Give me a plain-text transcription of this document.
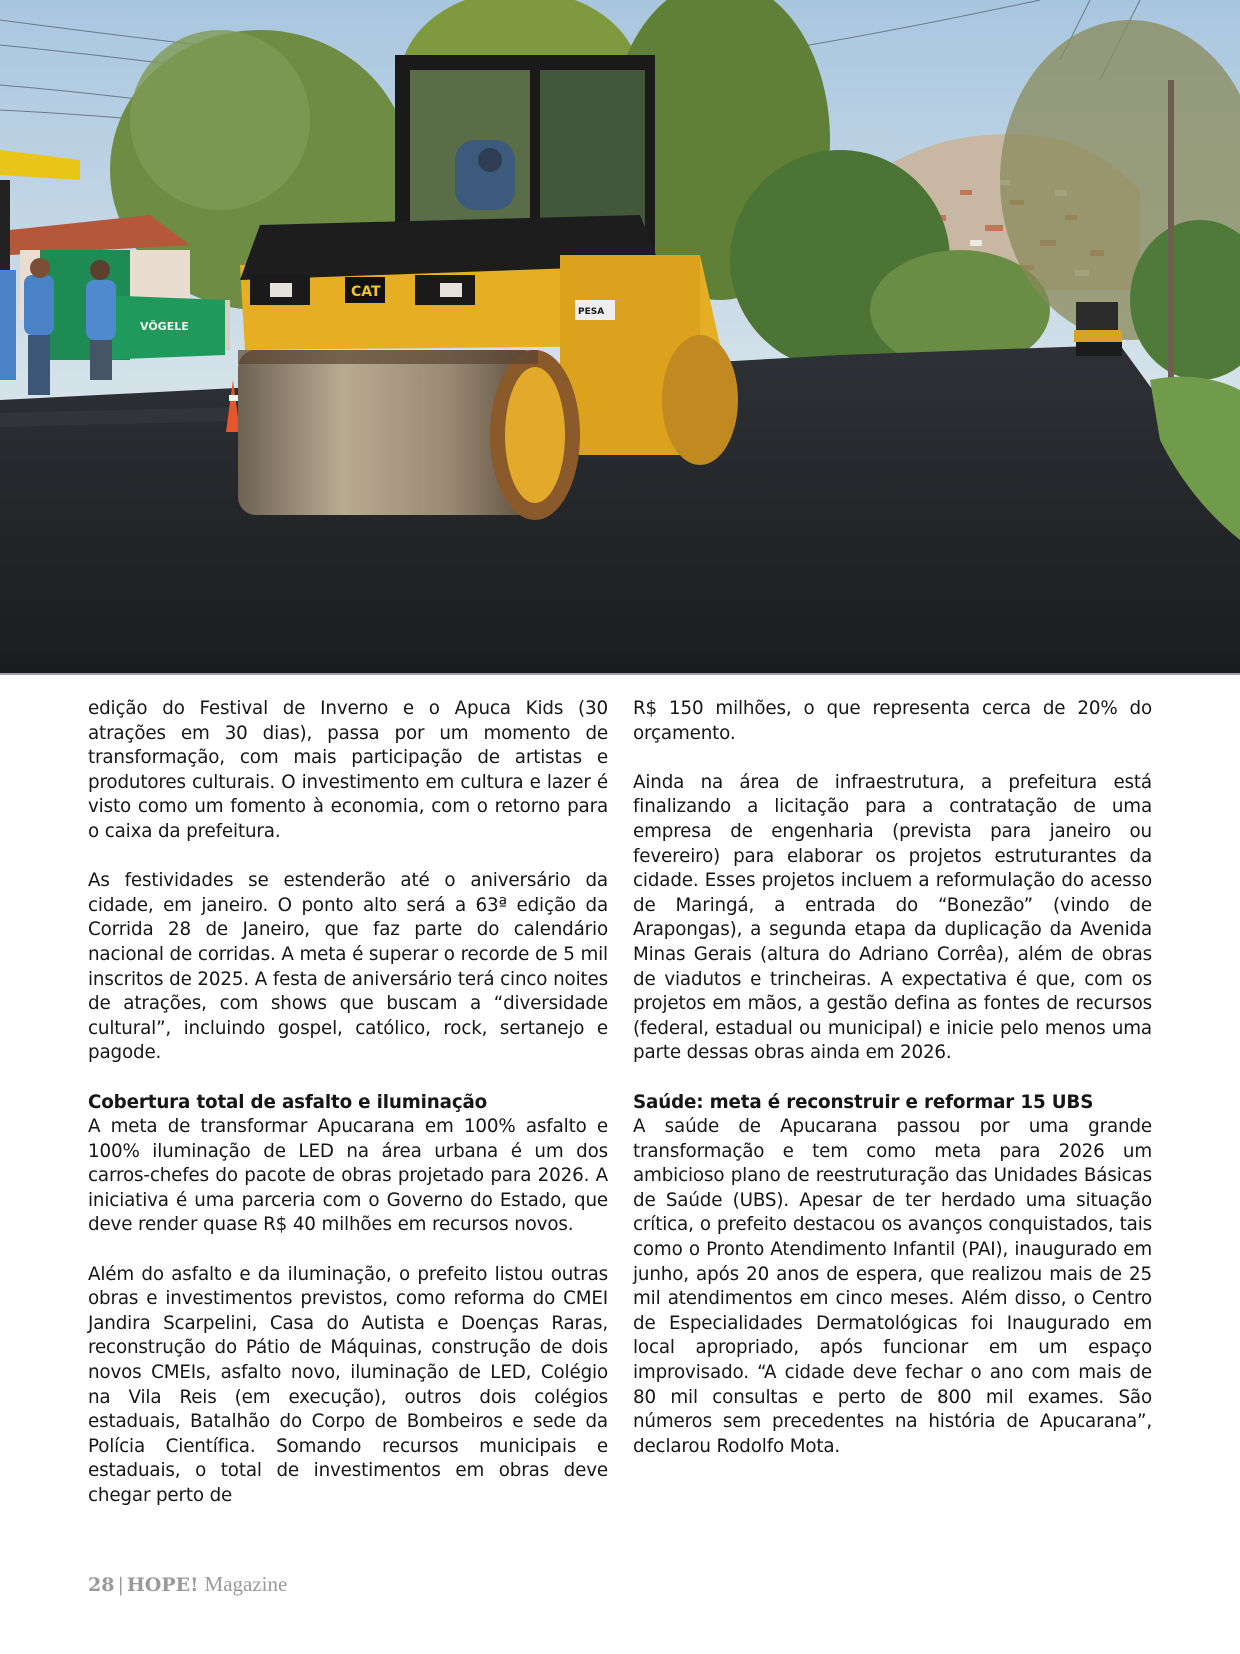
VÖGELE
CAT
PESA

edição do Festival de Inverno e o Apuca Kids (30 atrações em 30 dias), passa por um momento de transformação, com mais participação de artistas e produtores culturais. O investimento em cultura e lazer é visto como um fomento à economia, com o retorno para o caixa da prefeitura.

As festividades se estenderão até o aniversário da cidade, em janeiro. O ponto alto será a 63ª edição da Corrida 28 de Janeiro, que faz parte do calendário nacional de corridas. A meta é superar o recorde de 5 mil inscritos de 2025. A festa de aniversário terá cinco noites de atrações, com shows que buscam a “diversidade cultural”, incluindo gospel, católico, rock, sertanejo e pagode.

Cobertura total de asfalto e iluminação

A meta de transformar Apucarana em 100% asfalto e 100% iluminação de LED na área urbana é um dos carros-chefes do pacote de obras projetado para 2026. A iniciativa é uma parceria com o Governo do Estado, que deve render quase R$ 40 milhões em recursos novos.

Além do asfalto e da iluminação, o prefeito listou outras obras e investimentos previstos, como reforma do CMEI Jandira Scarpelini, Casa do Autista e Doenças Raras, reconstrução do Pátio de Máquinas, construção de dois novos CMEIs, asfalto novo, iluminação de LED, Colégio na Vila Reis (em execução), outros dois colégios estaduais, Batalhão do Corpo de Bombeiros e sede da Polícia Científica. Somando recursos municipais e estaduais, o total de investimentos em obras deve chegar perto de

R$ 150 milhões, o que representa cerca de 20% do orçamento.

Ainda na área de infraestrutura, a prefeitura está finalizando a licitação para a contratação de uma empresa de engenharia (prevista para janeiro ou fevereiro) para elaborar os projetos estruturantes da cidade. Esses projetos incluem a reformulação do acesso de Maringá, a entrada do “Bonezão” (vindo de Arapongas), a segunda etapa da duplicação da Avenida Minas Gerais (altura do Adriano Corrêa), além de obras de viadutos e trincheiras. A expectativa é que, com os projetos em mãos, a gestão defina as fontes de recursos (federal, estadual ou municipal) e inicie pelo menos uma parte dessas obras ainda em 2026.

Saúde: meta é reconstruir e reformar 15 UBS

A saúde de Apucarana passou por uma grande transformação e tem como meta para 2026 um ambicioso plano de reestruturação das Unidades Básicas de Saúde (UBS). Apesar de ter herdado uma situação crítica, o prefeito destacou os avanços conquistados, tais como o Pronto Atendimento Infantil (PAI), inaugurado em junho, após 20 anos de espera, que realizou mais de 25 mil atendimentos em cinco meses. Além disso, o Centro de Especialidades Dermatológicas foi Inaugurado em local apropriado, após funcionar em um espaço improvisado. “A cidade deve fechar o ano com mais de 80 mil consultas e perto de 800 mil exames. São números sem precedentes na história de Apucarana”, declarou Rodolfo Mota.

28 | HOPE! Magazine
